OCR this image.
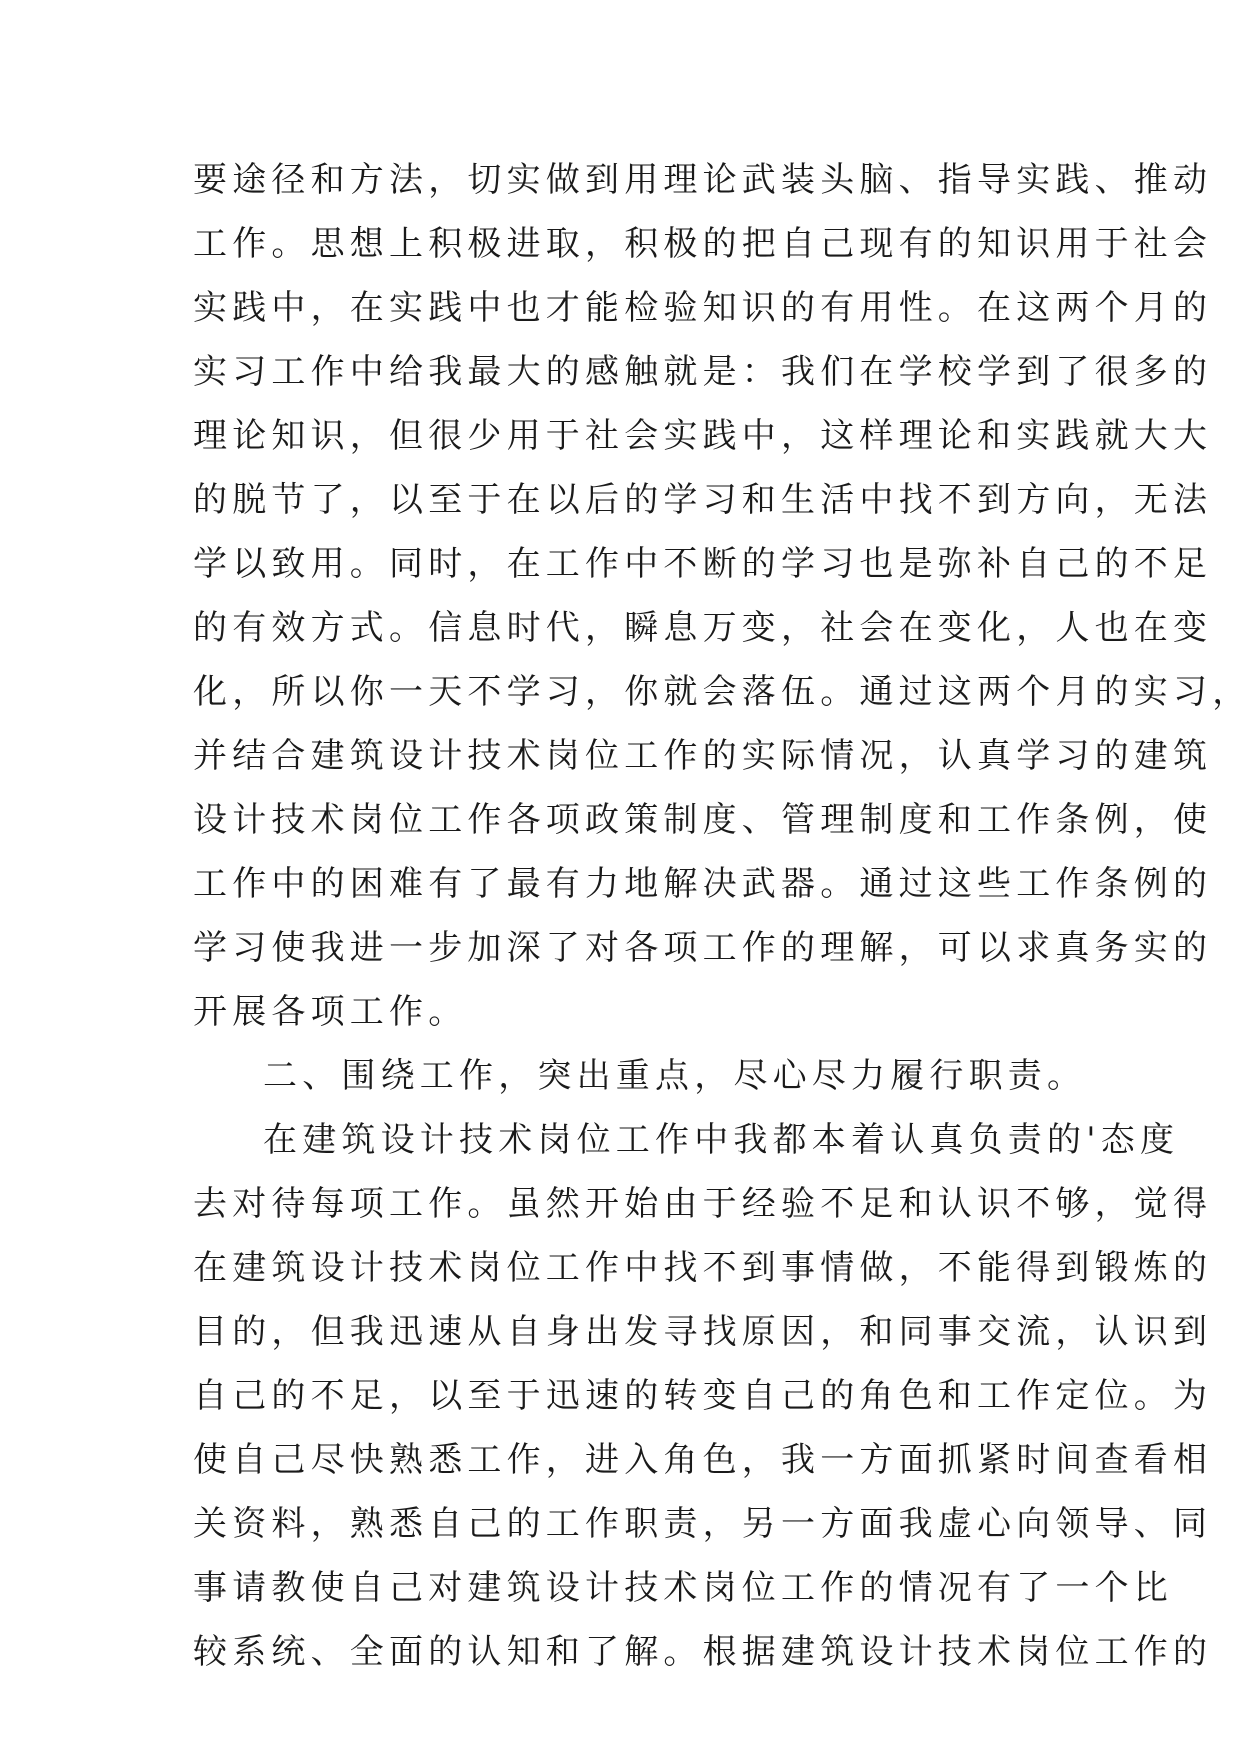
要途径和方法，切实做到用理论武装头脑、指导实践、推动
工作。思想上积极进取，积极的把自己现有的知识用于社会
实践中，在实践中也才能检验知识的有用性。在这两个月的
实习工作中给我最大的感触就是：我们在学校学到了很多的
理论知识，但很少用于社会实践中，这样理论和实践就大大
的脱节了，以至于在以后的学习和生活中找不到方向，无法
学以致用。同时，在工作中不断的学习也是弥补自己的不足
的有效方式。信息时代，瞬息万变，社会在变化，人也在变
化，所以你一天不学习，你就会落伍。通过这两个月的实习，
并结合建筑设计技术岗位工作的实际情况，认真学习的建筑
设计技术岗位工作各项政策制度、管理制度和工作条例，使
工作中的困难有了最有力地解决武器。通过这些工作条例的
学习使我进一步加深了对各项工作的理解，可以求真务实的
开展各项工作。
二、围绕工作，突出重点，尽心尽力履行职责。
在建筑设计技术岗位工作中我都本着认真负责的'态度
去对待每项工作。虽然开始由于经验不足和认识不够，觉得
在建筑设计技术岗位工作中找不到事情做，不能得到锻炼的
目的，但我迅速从自身出发寻找原因，和同事交流，认识到
自己的不足，以至于迅速的转变自己的角色和工作定位。为
使自己尽快熟悉工作，进入角色，我一方面抓紧时间查看相
关资料，熟悉自己的工作职责，另一方面我虚心向领导、同
事请教使自己对建筑设计技术岗位工作的情况有了一个比
较系统、全面的认知和了解。根据建筑设计技术岗位工作的
